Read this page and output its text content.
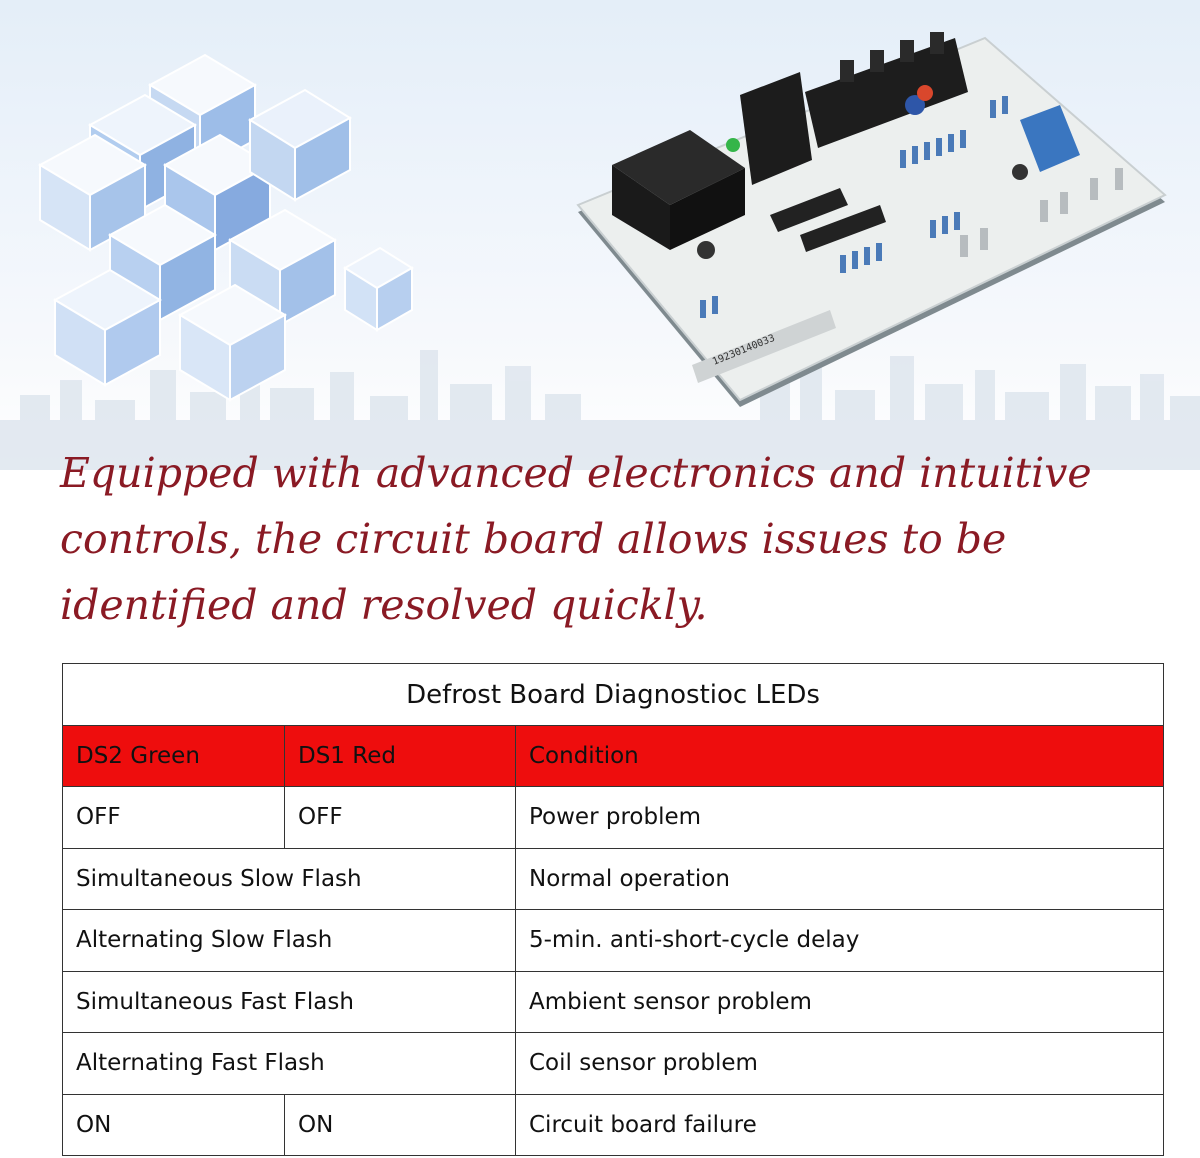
19230140033

Equipped with advanced electronics and intuitive controls, the circuit board allows issues to be identified and resolved quickly.

Defrost Board Diagnostioc LEDs		
DS2 Green	DS1 Red	Condition
OFF	OFF	Power problem
Simultaneous Slow Flash		Normal operation
Alternating Slow Flash		5-min. anti-short-cycle delay
Simultaneous Fast Flash		Ambient sensor problem
Alternating Fast Flash		Coil sensor problem
ON	ON	Circuit board failure
